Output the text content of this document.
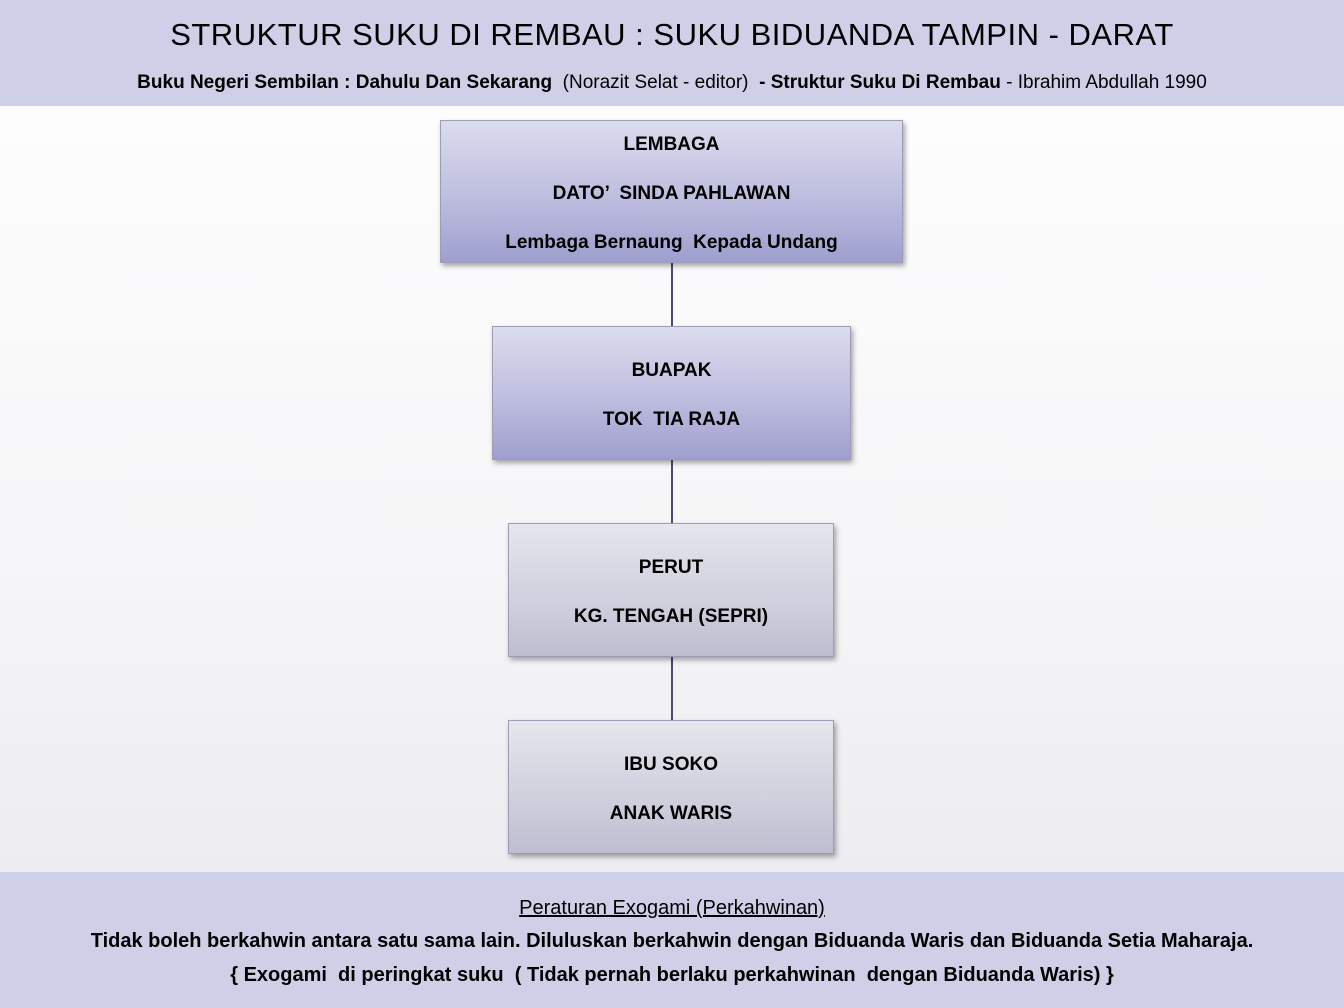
STRUKTUR SUKU DI REMBAU : SUKU BIDUANDA TAMPIN - DARAT
Buku Negeri Sembilan : Dahulu Dan Sekarang (Norazit Selat - editor) - Struktur Suku Di Rembau - Ibrahim Abdullah 1990
LEMBAGA
DATO’  SINDA PAHLAWAN
Lembaga Bernaung  Kepada Undang
BUAPAK
TOK  TIA RAJA
PERUT
KG. TENGAH (SEPRI)
IBU SOKO
ANAK WARIS
Peraturan Exogami (Perkahwinan)
Tidak boleh berkahwin antara satu sama lain. Diluluskan berkahwin dengan Biduanda Waris dan Biduanda Setia Maharaja.
{ Exogami  di peringkat suku  ( Tidak pernah berlaku perkahwinan  dengan Biduanda Waris) }
